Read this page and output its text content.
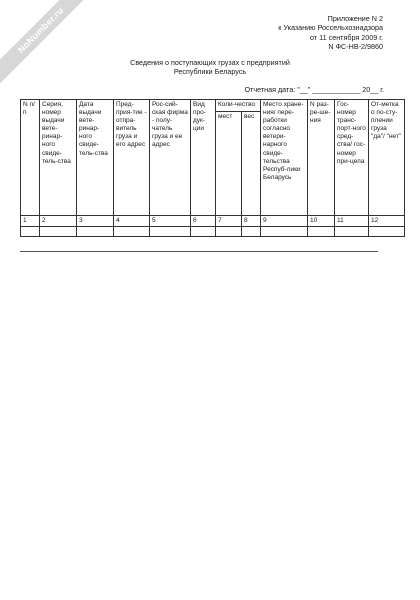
NoNumber.ru	Приложение N 2
к Указанию Россельхознадзора
от 11 сентября 2009 г.
N ФС-НВ-2/9860
Сведения о поступающих грузах с предприятий
Республики Беларусь
Отчетная дата: "__" ____________ 20__ г.
N п/п	Серия, номер выдачи вете-ринар-ного свиде-тель-ства	Дата выдачи вете-ринар-ного свиде-тель-ства	Пред-прия-тие - отпра-витель груза и его адрес	Рос-сий-ская фирма - полу-чатель груза и ее адрес	Вид про-дук-ции	Коли-чество		Место хране-ния/ пере-работки согласно ветери-нарного свиде-тельства Респуб-лики Беларусь	N раз-ре-ше-ния	Гос-номер транс-порт-ного сред-ства/ гос-номер при-цепа	От-метка о по-сту-плении груза "да"/ "нет"
						мест	вес				
1	2	3	4	5	6	7	8	9	10	11	12
